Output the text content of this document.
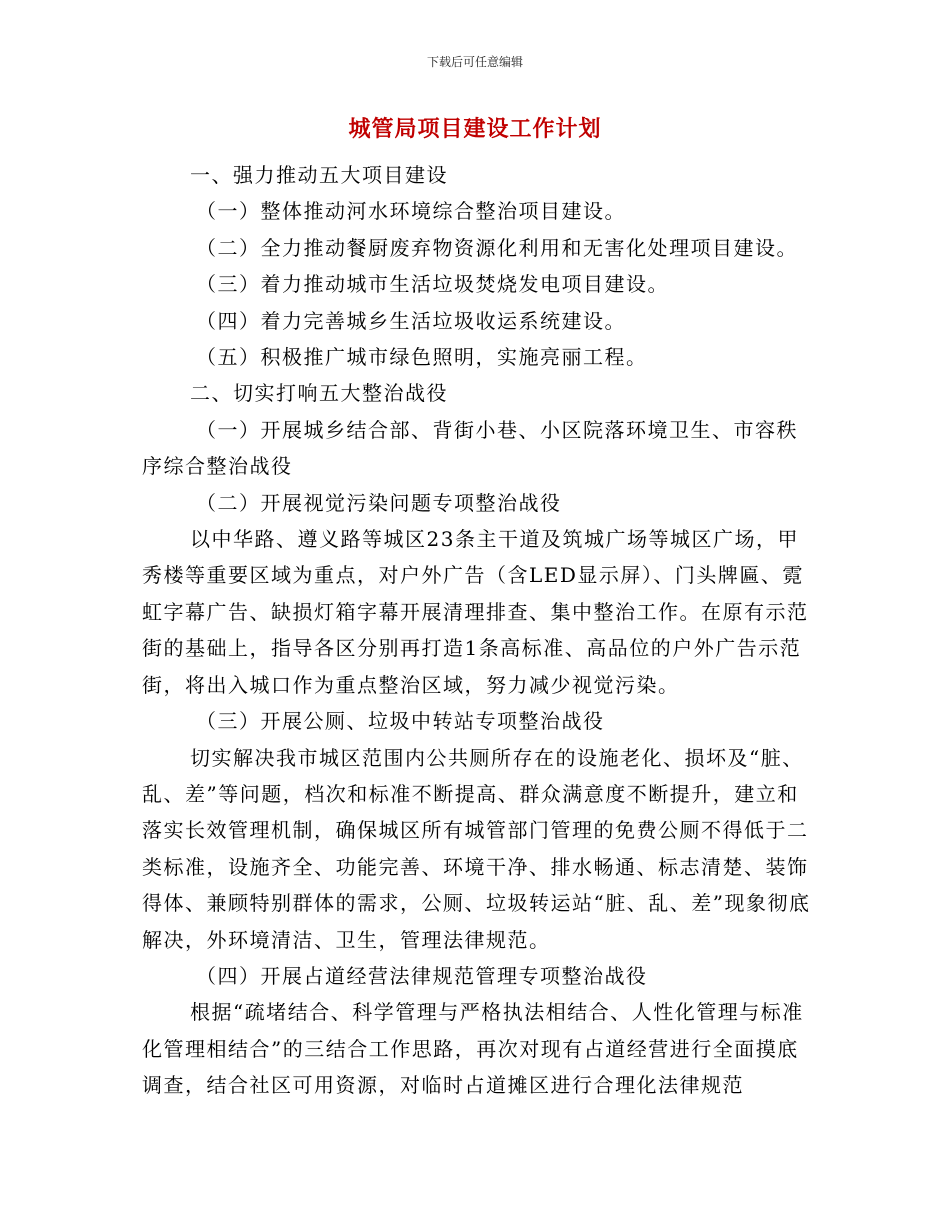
下载后可任意编辑
城管局项目建设工作计划

一、强力推动五大项目建设

（一）整体推动河水环境综合整治项目建设。

（二）全力推动餐厨废弃物资源化利用和无害化处理项目建设。

（三）着力推动城市生活垃圾焚烧发电项目建设。

（四）着力完善城乡生活垃圾收运系统建设。

（五）积极推广城市绿色照明，实施亮丽工程。

二、切实打响五大整治战役

（一）开展城乡结合部、背街小巷、小区院落环境卫生、市容秩序综合整治战役

（二）开展视觉污染问题专项整治战役

以中华路、遵义路等城区23条主干道及筑城广场等城区广场，甲秀楼等重要区域为重点，对户外广告（含LED显示屏）、门头牌匾、霓虹字幕广告、缺损灯箱字幕开展清理排查、集中整治工作。在原有示范街的基础上，指导各区分别再打造1条高标准、高品位的户外广告示范街，将出入城口作为重点整治区域，努力减少视觉污染。

（三）开展公厕、垃圾中转站专项整治战役

切实解决我市城区范围内公共厕所存在的设施老化、损坏及“脏、乱、差”等问题，档次和标准不断提高、群众满意度不断提升，建立和落实长效管理机制，确保城区所有城管部门管理的免费公厕不得低于二类标准，设施齐全、功能完善、环境干净、排水畅通、标志清楚、装饰得体、兼顾特别群体的需求，公厕、垃圾转运站“脏、乱、差”现象彻底解决，外环境清洁、卫生，管理法律规范。

（四）开展占道经营法律规范管理专项整治战役

根据“疏堵结合、科学管理与严格执法相结合、人性化管理与标准化管理相结合”的三结合工作思路，再次对现有占道经营进行全面摸底调查，结合社区可用资源，对临时占道摊区进行合理化法律规范
